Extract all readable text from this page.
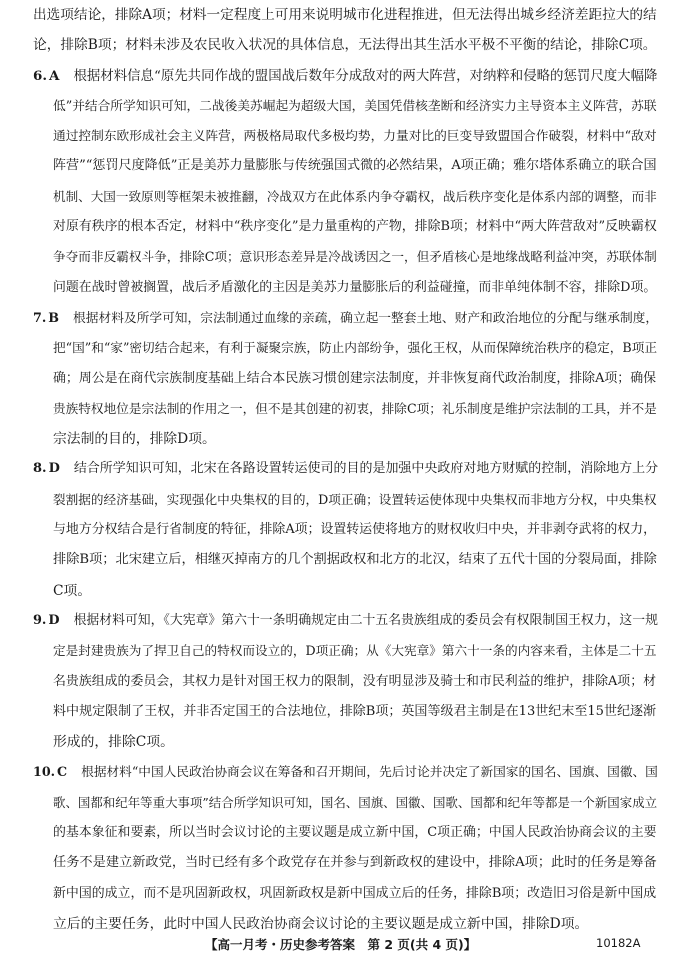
出选项结论，排除A项；材料一定程度上可用来说明城市化进程推进，但无法得出城乡经济差距拉大的结
论，排除B项；材料未涉及农民收入状况的具体信息，无法得出其生活水平极不平衡的结论，排除C项。
6. A 根据材料信息“原先共同作战的盟国战后数年分成敌对的两大阵营，对纳粹和侵略的惩罚尺度大幅降
低”并结合所学知识可知，二战後美苏崛起为超级大国，美国凭借核垄断和经济实力主导资本主义阵营，苏联
通过控制东欧形成社会主义阵营，两极格局取代多极均势，力量对比的巨变导致盟国合作破裂，材料中“敌对
阵营”“惩罚尺度降低”正是美苏力量膨胀与传统强国式微的必然结果，A项正确；雅尔塔体系确立的联合国
机制、大国一致原则等框架未被推翻，冷战双方在此体系内争夺霸权，战后秩序变化是体系内部的调整，而非
对原有秩序的根本否定，材料中“秩序变化”是力量重构的产物，排除B项；材料中“两大阵营敌对”反映霸权
争夺而非反霸权斗争，排除C项；意识形态差异是冷战诱因之一，但矛盾核心是地缘战略利益冲突，苏联体制
问题在战时曾被搁置，战后矛盾激化的主因是美苏力量膨胀后的利益碰撞，而非单纯体制不容，排除D项。
7. B 根据材料及所学可知，宗法制通过血缘的亲疏，确立起一整套土地、财产和政治地位的分配与继承制度，
把“国”和“家”密切结合起来，有利于凝聚宗族，防止内部纷争，强化王权，从而保障统治秩序的稳定，B项正
确；周公是在商代宗族制度基础上结合本民族习惯创建宗法制度，并非恢复商代政治制度，排除A项；确保
贵族特权地位是宗法制的作用之一，但不是其创建的初衷，排除C项；礼乐制度是维护宗法制的工具，并不是
宗法制的目的，排除D项。
8. D 结合所学知识可知，北宋在各路设置转运使司的目的是加强中央政府对地方财赋的控制，消除地方上分
裂割据的经济基础，实现强化中央集权的目的，D项正确；设置转运使体现中央集权而非地方分权，中央集权
与地方分权结合是行省制度的特征，排除A项；设置转运使将地方的财权收归中央，并非剥夺武将的权力，
排除B项；北宋建立后，相继灭掉南方的几个割据政权和北方的北汉，结束了五代十国的分裂局面，排除
C项。
9. D 根据材料可知，《大宪章》第六十一条明确规定由二十五名贵族组成的委员会有权限制国王权力，这一规
定是封建贵族为了捍卫自己的特权而设立的，D项正确；从《大宪章》第六十一条的内容来看，主体是二十五
名贵族组成的委员会，其权力是针对国王权力的限制，没有明显涉及骑士和市民利益的维护，排除A项；材
料中规定限制了王权，并非否定国王的合法地位，排除B项；英国等级君主制是在13世纪末至15世纪逐渐
形成的，排除C项。
10. C 根据材料“中国人民政治协商会议在筹备和召开期间，先后讨论并决定了新国家的国名、国旗、国徽、国
歌、国都和纪年等重大事项”结合所学知识可知，国名、国旗、国徽、国歌、国都和纪年等都是一个新国家成立
的基本象征和要素，所以当时会议讨论的主要议题是成立新中国，C项正确；中国人民政治协商会议的主要
任务不是建立新政党，当时已经有多个政党存在并参与到新政权的建设中，排除A项；此时的任务是筹备
新中国的成立，而不是巩固新政权，巩固新政权是新中国成立后的任务，排除B项；改造旧习俗是新中国成
立后的主要任务，此时中国人民政治协商会议讨论的主要议题是成立新中国，排除D项。
【高一月考・历史参考答案　第 2 页(共 4 页)】	10182A
